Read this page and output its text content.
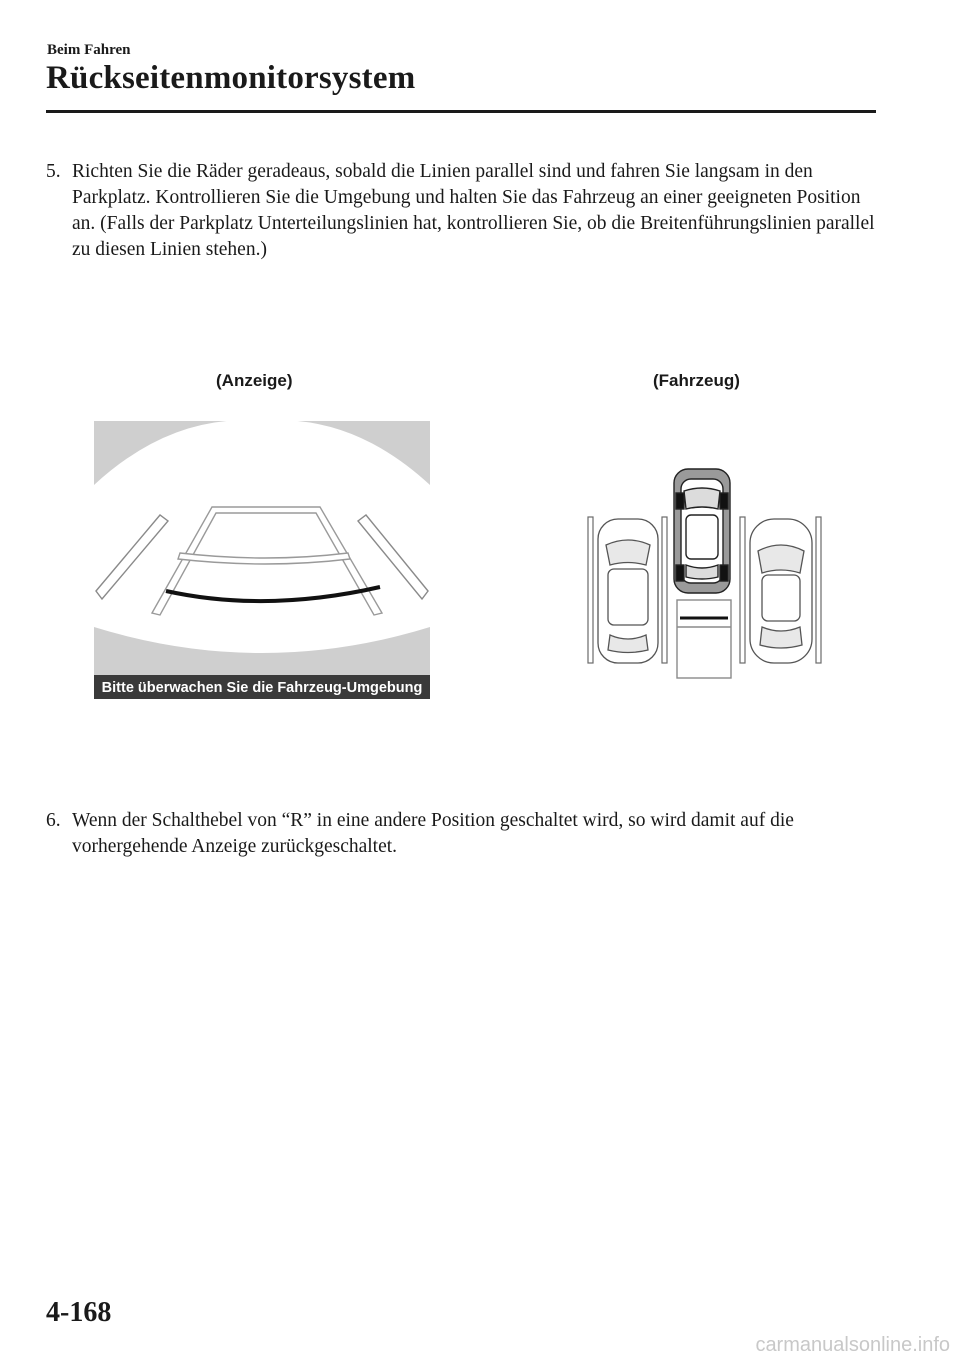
Beim Fahren
Rückseitenmonitorsystem
5. Richten Sie die Räder geradeaus, sobald die Linien parallel sind und fahren Sie langsam in den Parkplatz. Kontrollieren Sie die Umgebung und halten Sie das Fahrzeug an einer geeigneten Position an. (Falls der Parkplatz Unterteilungslinien hat, kontrollieren Sie, ob die Breitenführungslinien parallel zu diesen Linien stehen.)
(Anzeige)	(Fahrzeug)
Bitte überwachen Sie die Fahrzeug-Umgebung
6. Wenn der Schalthebel von “R” in eine andere Position geschaltet wird, so wird damit auf die vorhergehende Anzeige zurückgeschaltet.
4-168
carmanualsonline.info
